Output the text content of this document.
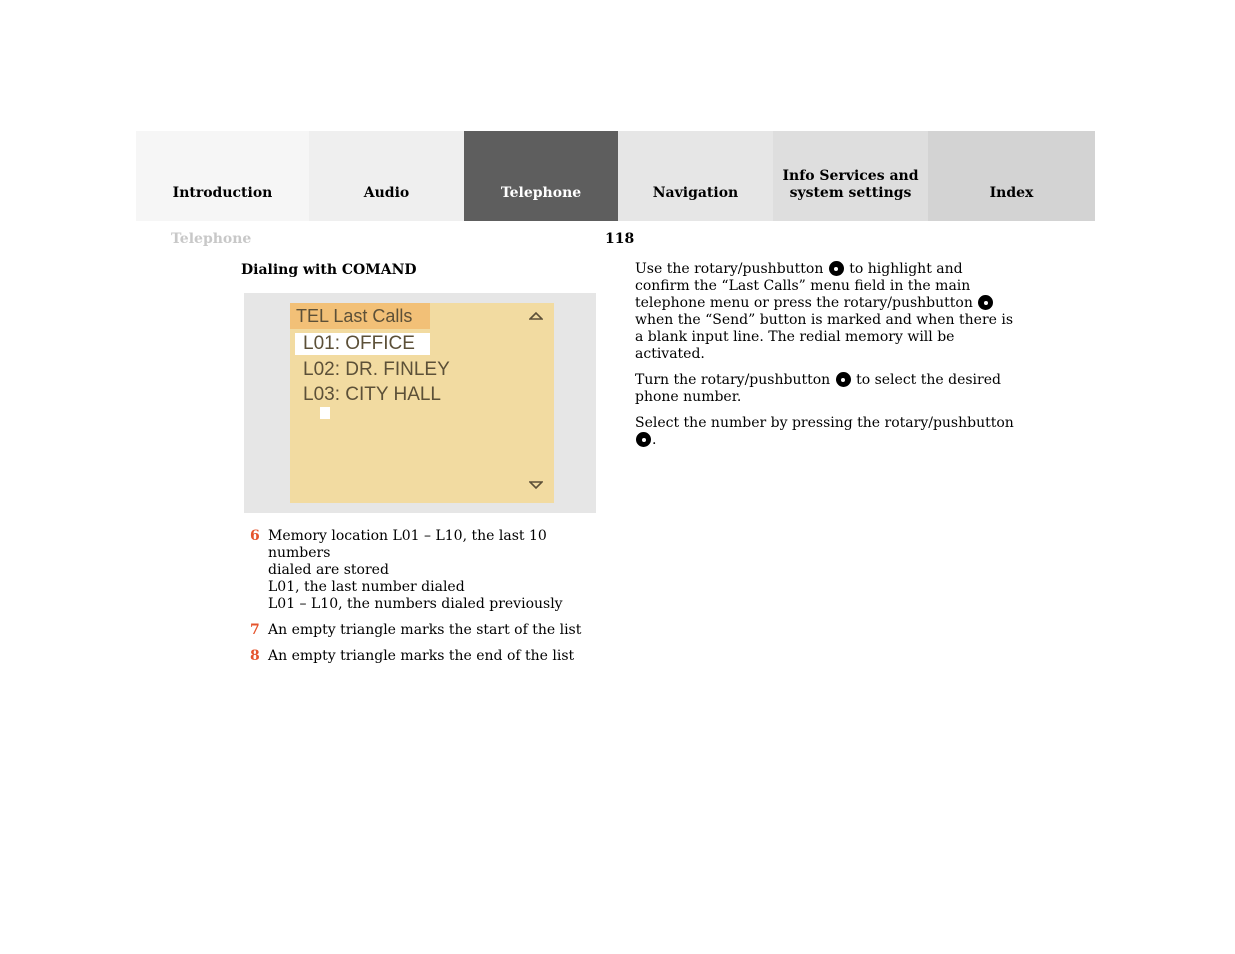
Introduction	Audio	Telephone	Navigation
Info Services and
system settings	Index
Telephone	118
Dialing with COMAND
TEL Last Calls
L01: OFFICE
L02: DR. FINLEY
L03: CITY HALL
6 Memory location L01 – L10, the last 10 numbers
dialed are stored
L01, the last number dialed
L01 – L10, the numbers dialed previously
7 An empty triangle marks the start of the list
8 An empty triangle marks the end of the list

Use the rotary/pushbutton to highlight and confirm the “Last Calls” menu field in the main telephone menu or press the rotary/pushbutton  when the “Send” button is marked and when there is a blank input line. The redial memory will be activated.

Turn the rotary/pushbutton to select the desired phone number.

Select the number by pressing the rotary/pushbutton .
